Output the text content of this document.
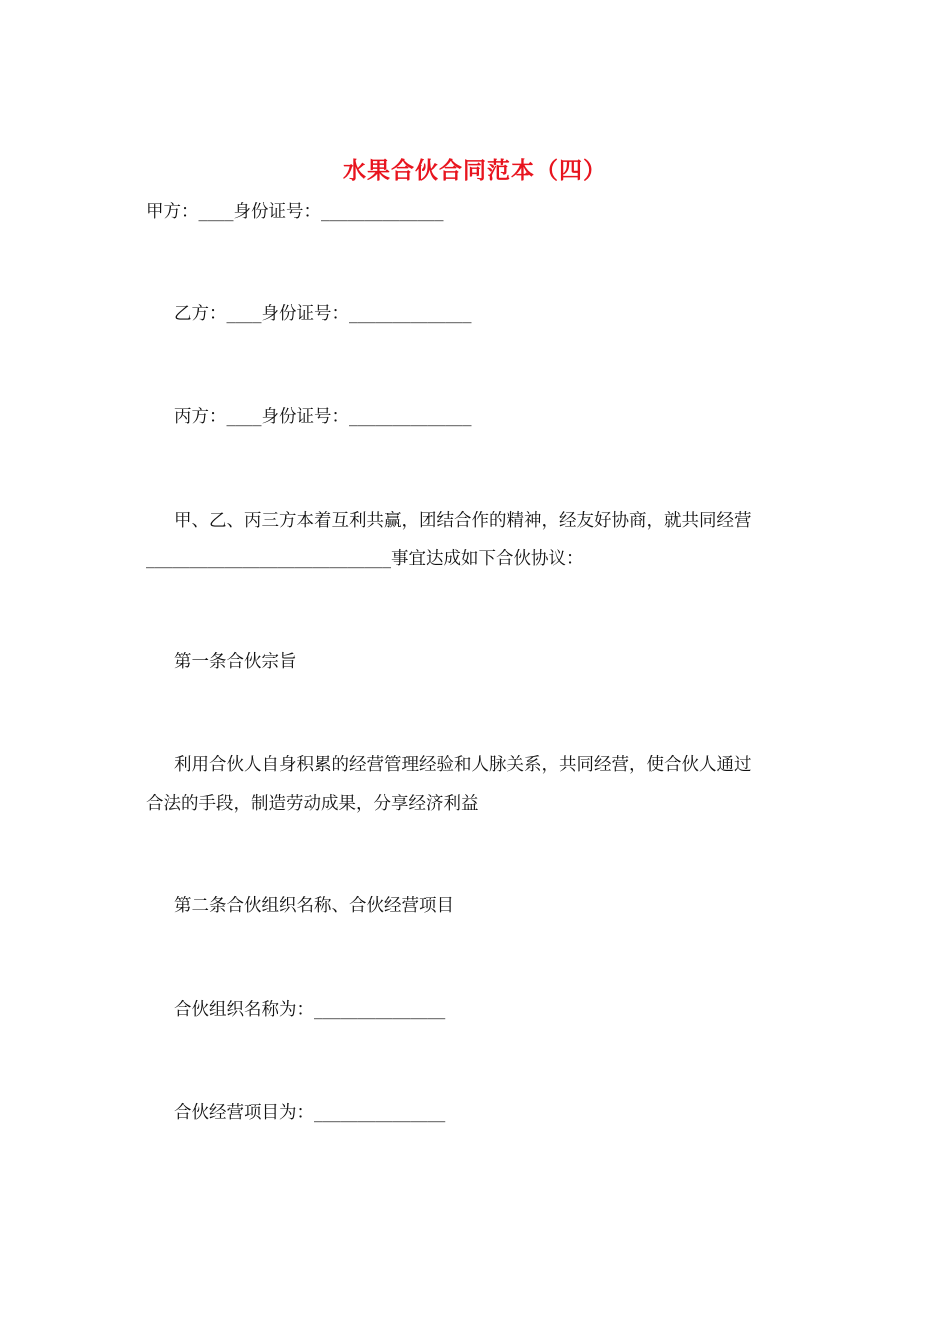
水果合伙合同范本（四）
甲方：____身份证号：______________
乙方：____身份证号：______________
丙方：____身份证号：______________
甲、乙、丙三方本着互利共赢，团结合作的精神，经友好协商，就共同经营
____________________________事宜达成如下合伙协议：
第一条合伙宗旨
利用合伙人自身积累的经营管理经验和人脉关系，共同经营，使合伙人通过
合法的手段，制造劳动成果，分享经济利益
第二条合伙组织名称、合伙经营项目
合伙组织名称为：_______________
合伙经营项目为：_______________
